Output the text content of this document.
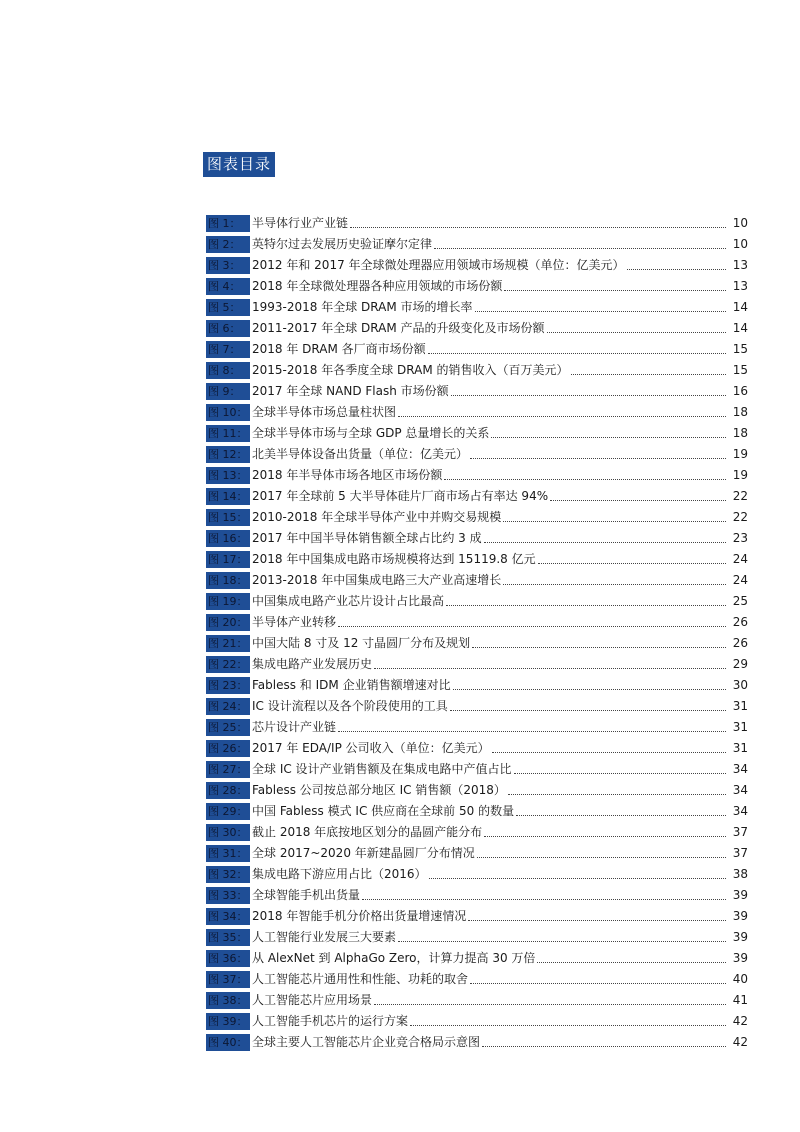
图表目录
图 1： 半导体行业产业链	10
图 2： 英特尔过去发展历史验证摩尔定律	10
图 3： 2012 年和 2017 年全球微处理器应用领域市场规模（单位：亿美元）	13
图 4： 2018 年全球微处理器各种应用领域的市场份额	13
图 5： 1993-2018 年全球 DRAM 市场的增长率	14
图 6： 2011-2017 年全球 DRAM 产品的升级变化及市场份额	14
图 7： 2018 年 DRAM 各厂商市场份额	15
图 8： 2015-2018 年各季度全球 DRAM 的销售收入（百万美元）	15
图 9： 2017 年全球 NAND Flash 市场份额	16
图 10： 全球半导体市场总量柱状图	18
图 11： 全球半导体市场与全球 GDP 总量增长的关系	18
图 12： 北美半导体设备出货量（单位：亿美元）	19
图 13： 2018 年半导体市场各地区市场份额	19
图 14： 2017 年全球前 5 大半导体硅片厂商市场占有率达 94%	22
图 15： 2010-2018 年全球半导体产业中并购交易规模	22
图 16： 2017 年中国半导体销售额全球占比约 3 成	23
图 17： 2018 年中国集成电路市场规模将达到 15119.8 亿元	24
图 18： 2013-2018 年中国集成电路三大产业高速增长	24
图 19： 中国集成电路产业芯片设计占比最高	25
图 20： 半导体产业转移	26
图 21： 中国大陆 8 寸及 12 寸晶圆厂分布及规划	26
图 22： 集成电路产业发展历史	29
图 23： Fabless 和 IDM 企业销售额增速对比	30
图 24： IC 设计流程以及各个阶段使用的工具	31
图 25： 芯片设计产业链	31
图 26： 2017 年 EDA/IP 公司收入（单位：亿美元）	31
图 27： 全球 IC 设计产业销售额及在集成电路中产值占比	34
图 28： Fabless 公司按总部分地区 IC 销售额（2018）	34
图 29： 中国 Fabless 模式 IC 供应商在全球前 50 的数量	34
图 30： 截止 2018 年底按地区划分的晶圆产能分布	37
图 31： 全球 2017~2020 年新建晶圆厂分布情况	37
图 32： 集成电路下游应用占比（2016）	38
图 33： 全球智能手机出货量	39
图 34： 2018 年智能手机分价格出货量增速情况	39
图 35： 人工智能行业发展三大要素	39
图 36： 从 AlexNet 到 AlphaGo Zero，计算力提高 30 万倍	39
图 37： 人工智能芯片通用性和性能、功耗的取舍	40
图 38： 人工智能芯片应用场景	41
图 39： 人工智能手机芯片的运行方案	42
图 40： 全球主要人工智能芯片企业竞合格局示意图	42
